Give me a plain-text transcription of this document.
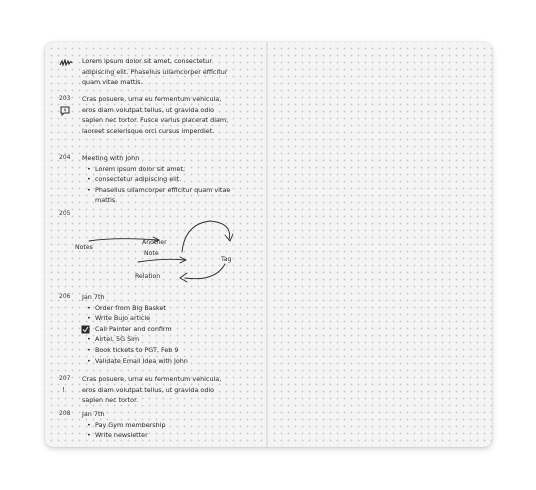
Lorem ipsum dolor sit amet, consectetur adipiscing elit. Phasellus ullamcorper efficitur quam vitae mattis.
203 Cras posuere, urna eu fermentum vehicula, eros diam volutpat tellus, ut gravida odio sapien nec tortor. Fusce varius placerat diam, laoreet scelerisque orci cursus imperdiet.
204 Meeting with John

• Lorem ipsum dolor sit amet,
• consectetur adipiscing elit.
• Phasellus ullamcorper efficitur quam vitae mattis.
205
Notes
Another
Note
Tag
Relation
206 Jan 7th

• Order from Big Basket
• Write Bujo article
• Call Painter and confirm
• Airtel, 5G Sim
• Book tickets to PGT, Feb 9
• Validate Email Idea with John
207
!
Cras posuere, urna eu fermentum vehicula, eros diam volutpat tellus, ut gravida odio sapien nec tortor.
208 Jan 7th

• Pay Gym membership
• Write newsletter
